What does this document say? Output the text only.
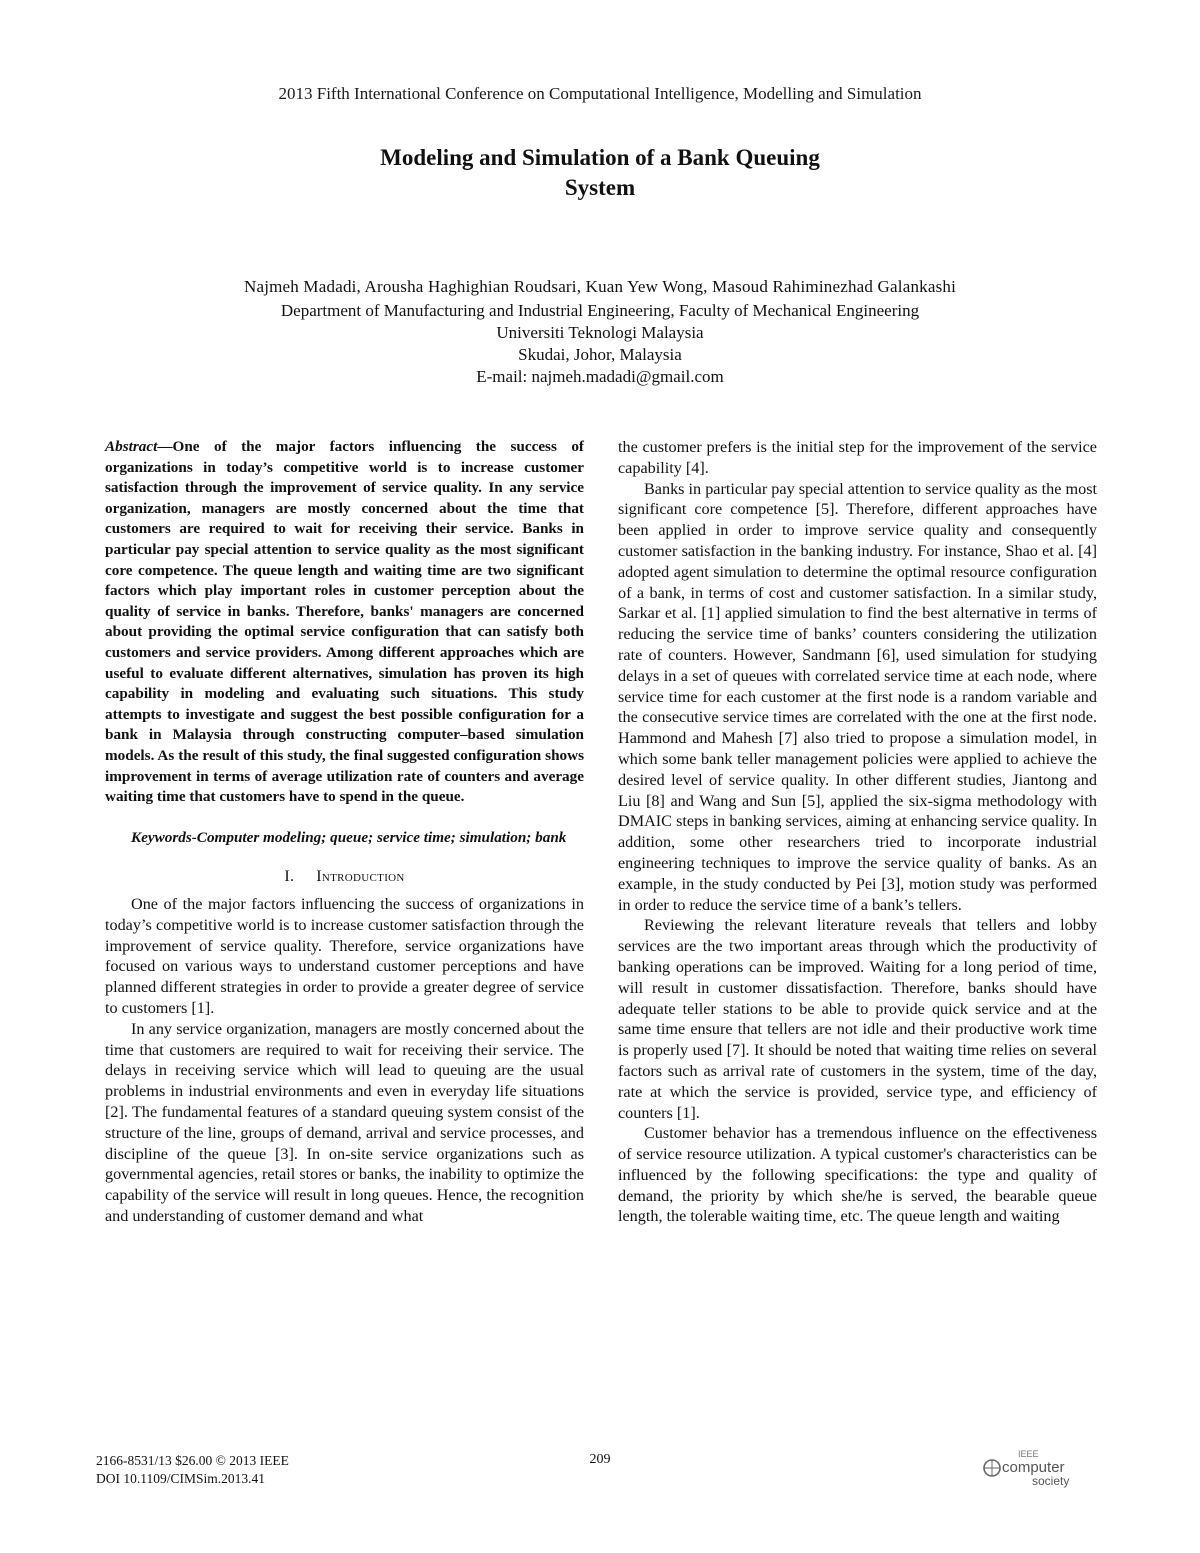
2013 Fifth International Conference on Computational Intelligence, Modelling and Simulation
Modeling and Simulation of a Bank Queuing
System
Najmeh Madadi, Arousha Haghighian Roudsari, Kuan Yew Wong, Masoud Rahiminezhad Galankashi
Department of Manufacturing and Industrial Engineering, Faculty of Mechanical Engineering
Universiti Teknologi Malaysia
Skudai, Johor, Malaysia
E-mail: najmeh.madadi@gmail.com

Abstract—One of the major factors influencing the success of organizations in today’s competitive world is to increase customer satisfaction through the improvement of service quality. In any service organization, managers are mostly concerned about the time that customers are required to wait for receiving their service. Banks in particular pay special attention to service quality as the most significant core competence. The queue length and waiting time are two significant factors which play important roles in customer perception about the quality of service in banks. Therefore, banks' managers are concerned about providing the optimal service configuration that can satisfy both customers and service providers. Among different approaches which are useful to evaluate different alternatives, simulation has proven its high capability in modeling and evaluating such situations. This study attempts to investigate and suggest the best possible configuration for a bank in Malaysia through constructing computer–based simulation models. As the result of this study, the final suggested configuration shows improvement in terms of average utilization rate of counters and average waiting time that customers have to spend in the queue.

Keywords-Computer modeling; queue; service time; simulation; bank

I. Introduction

One of the major factors influencing the success of organizations in today’s competitive world is to increase customer satisfaction through the improvement of service quality. Therefore, service organizations have focused on various ways to understand customer perceptions and have planned different strategies in order to provide a greater degree of service to customers [1].

In any service organization, managers are mostly concerned about the time that customers are required to wait for receiving their service. The delays in receiving service which will lead to queuing are the usual problems in industrial environments and even in everyday life situations [2]. The fundamental features of a standard queuing system consist of the structure of the line, groups of demand, arrival and service processes, and discipline of the queue [3]. In on-site service organizations such as governmental agencies, retail stores or banks, the inability to optimize the capability of the service will result in long queues. Hence, the recognition and understanding of customer demand and what

the customer prefers is the initial step for the improvement of the service capability [4].

Banks in particular pay special attention to service quality as the most significant core competence [5]. Therefore, different approaches have been applied in order to improve service quality and consequently customer satisfaction in the banking industry. For instance, Shao et al. [4] adopted agent simulation to determine the optimal resource configuration of a bank, in terms of cost and customer satisfaction. In a similar study, Sarkar et al. [1] applied simulation to find the best alternative in terms of reducing the service time of banks’ counters considering the utilization rate of counters. However, Sandmann [6], used simulation for studying delays in a set of queues with correlated service time at each node, where service time for each customer at the first node is a random variable and the consecutive service times are correlated with the one at the first node. Hammond and Mahesh [7] also tried to propose a simulation model, in which some bank teller management policies were applied to achieve the desired level of service quality. In other different studies, Jiantong and Liu [8] and Wang and Sun [5], applied the six-sigma methodology with DMAIC steps in banking services, aiming at enhancing service quality. In addition, some other researchers tried to incorporate industrial engineering techniques to improve the service quality of banks. As an example, in the study conducted by Pei [3], motion study was performed in order to reduce the service time of a bank’s tellers.

Reviewing the relevant literature reveals that tellers and lobby services are the two important areas through which the productivity of banking operations can be improved. Waiting for a long period of time, will result in customer dissatisfaction. Therefore, banks should have adequate teller stations to be able to provide quick service and at the same time ensure that tellers are not idle and their productive work time is properly used [7]. It should be noted that waiting time relies on several factors such as arrival rate of customers in the system, time of the day, rate at which the service is provided, service type, and efficiency of counters [1].

Customer behavior has a tremendous influence on the effectiveness of service resource utilization. A typical customer's characteristics can be influenced by the following specifications: the type and quality of demand, the priority by which she/he is served, the bearable queue length, the tolerable waiting time, etc. The queue length and waiting

2166-8531/13 $26.00 © 2013 IEEE
DOI 10.1109/CIMSim.2013.41
209	IEEE
computer
society
